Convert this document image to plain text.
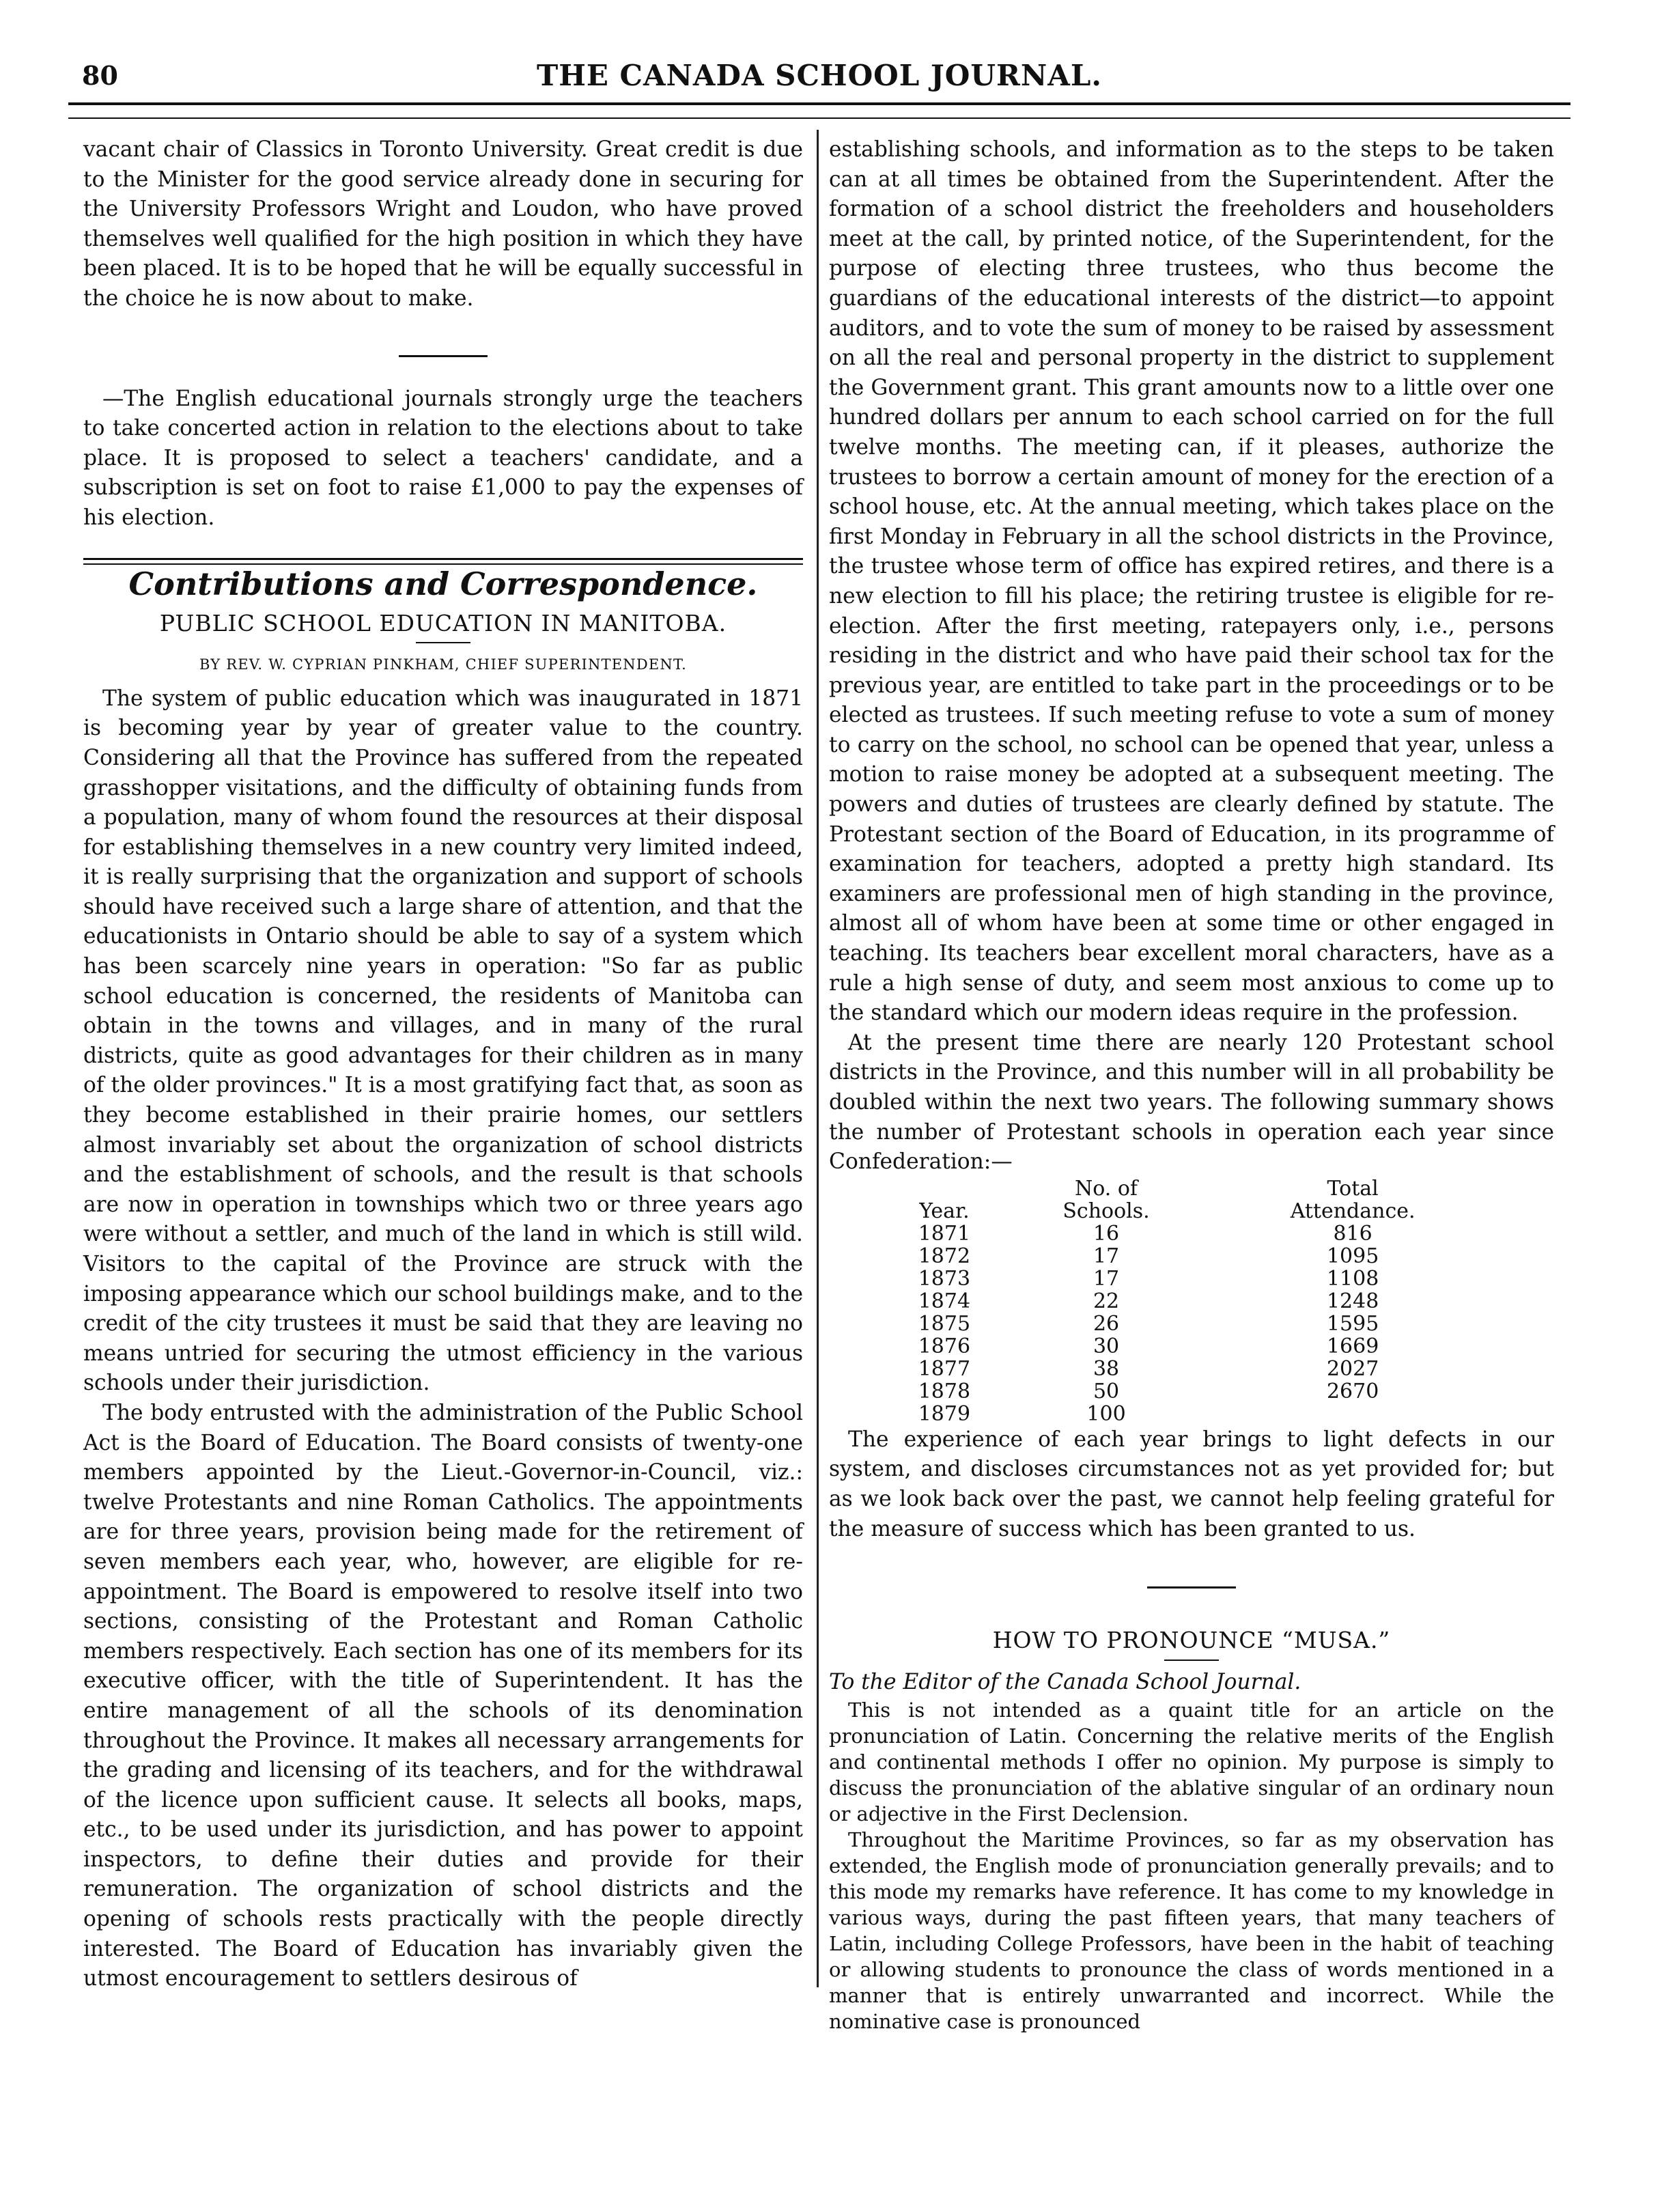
80	THE CANADA SCHOOL JOURNAL.

vacant chair of Classics in Toronto University. Great credit is due to the Minister for the good service already done in securing for the University Professors Wright and Loudon, who have proved themselves well qualified for the high position in which they have been placed. It is to be hoped that he will be equally successful in the choice he is now about to make.

—The English educational journals strongly urge the teachers to take concerted action in relation to the elections about to take place. It is proposed to select a teachers' candidate, and a subscription is set on foot to raise £1,000 to pay the expenses of his election.

Contributions and Correspondence.

PUBLIC SCHOOL EDUCATION IN MANITOBA.

BY REV. W. CYPRIAN PINKHAM, CHIEF SUPERINTENDENT.

The system of public education which was inaugurated in 1871 is becoming year by year of greater value to the country. Considering all that the Province has suffered from the repeated grasshopper visitations, and the difficulty of obtaining funds from a population, many of whom found the resources at their disposal for establishing themselves in a new country very limited indeed, it is really surprising that the organization and support of schools should have received such a large share of attention, and that the educationists in Ontario should be able to say of a system which has been scarcely nine years in operation: "So far as public school education is concerned, the residents of Manitoba can obtain in the towns and villages, and in many of the rural districts, quite as good advantages for their children as in many of the older provinces." It is a most gratifying fact that, as soon as they become established in their prairie homes, our settlers almost invariably set about the organization of school districts and the establishment of schools, and the result is that schools are now in operation in townships which two or three years ago were without a settler, and much of the land in which is still wild. Visitors to the capital of the Province are struck with the imposing appearance which our school buildings make, and to the credit of the city trustees it must be said that they are leaving no means untried for securing the utmost efficiency in the various schools under their jurisdiction.

The body entrusted with the administration of the Public School Act is the Board of Education. The Board consists of twenty-one members appointed by the Lieut.-Governor-in-Council, viz.: twelve Protestants and nine Roman Catholics. The appointments are for three years, provision being made for the retirement of seven members each year, who, however, are eligible for re-appointment. The Board is empowered to resolve itself into two sections, consisting of the Protestant and Roman Catholic members respectively. Each section has one of its members for its executive officer, with the title of Superintendent. It has the entire management of all the schools of its denomination throughout the Province. It makes all necessary arrangements for the grading and licensing of its teachers, and for the withdrawal of the licence upon sufficient cause. It selects all books, maps, etc., to be used under its jurisdiction, and has power to appoint inspectors, to define their duties and provide for their remuneration. The organization of school districts and the opening of schools rests practically with the people directly interested. The Board of Education has invariably given the utmost encouragement to settlers desirous of

establishing schools, and information as to the steps to be taken can at all times be obtained from the Superintendent. After the formation of a school district the freeholders and householders meet at the call, by printed notice, of the Superintendent, for the purpose of electing three trustees, who thus become the guardians of the educational interests of the district—to appoint auditors, and to vote the sum of money to be raised by assessment on all the real and personal property in the district to supplement the Government grant. This grant amounts now to a little over one hundred dollars per annum to each school carried on for the full twelve months. The meeting can, if it pleases, authorize the trustees to borrow a certain amount of money for the erection of a school house, etc. At the annual meeting, which takes place on the first Monday in February in all the school districts in the Province, the trustee whose term of office has expired retires, and there is a new election to fill his place; the retiring trustee is eligible for re-election. After the first meeting, ratepayers only, i.e., persons residing in the district and who have paid their school tax for the previous year, are entitled to take part in the proceedings or to be elected as trustees. If such meeting refuse to vote a sum of money to carry on the school, no school can be opened that year, unless a motion to raise money be adopted at a subsequent meeting. The powers and duties of trustees are clearly defined by statute. The Protestant section of the Board of Education, in its programme of examination for teachers, adopted a pretty high standard. Its examiners are professional men of high standing in the province, almost all of whom have been at some time or other engaged in teaching. Its teachers bear excellent moral characters, have as a rule a high sense of duty, and seem most anxious to come up to the standard which our modern ideas require in the profession.

At the present time there are nearly 120 Protestant school districts in the Province, and this number will in all probability be doubled within the next two years. The following summary shows the number of Protestant schools in operation each year since Confederation:—

	No. of	Total
Year.	Schools.	Attendance.
1871	16	816
1872	17	1095
1873	17	1108
1874	22	1248
1875	26	1595
1876	30	1669
1877	38	2027
1878	50	2670
1879	100	

The experience of each year brings to light defects in our system, and discloses circumstances not as yet provided for; but as we look back over the past, we cannot help feeling grateful for the measure of success which has been granted to us.

HOW TO PRONOUNCE “MUSA.”

To the Editor of the Canada School Journal.

This is not intended as a quaint title for an article on the pronunciation of Latin. Concerning the relative merits of the English and continental methods I offer no opinion. My purpose is simply to discuss the pronunciation of the ablative singular of an ordinary noun or adjective in the First Declension.

Throughout the Maritime Provinces, so far as my observation has extended, the English mode of pronunciation generally prevails; and to this mode my remarks have reference. It has come to my knowledge in various ways, during the past fifteen years, that many teachers of Latin, including College Professors, have been in the habit of teaching or allowing students to pronounce the class of words mentioned in a manner that is entirely unwarranted and incorrect. While the nominative case is pronounced
